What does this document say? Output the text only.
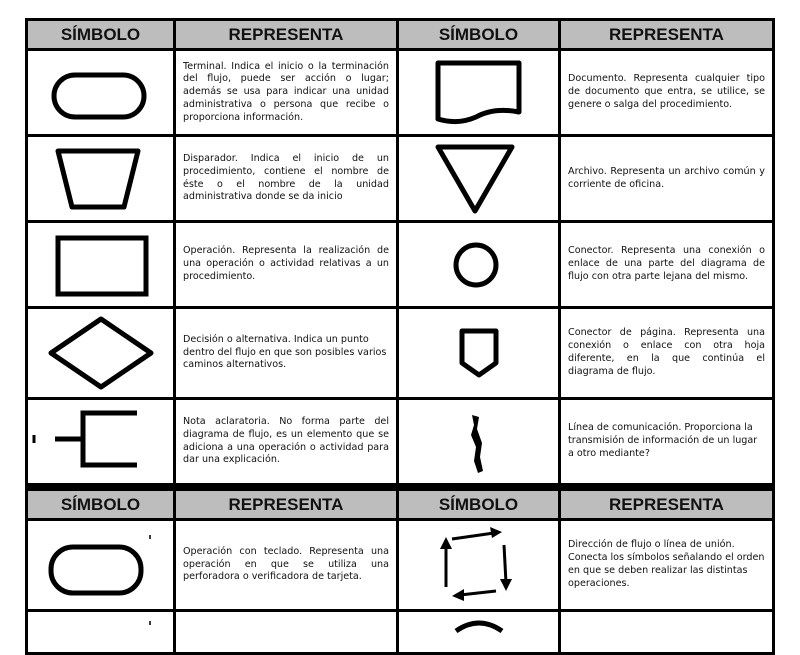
SÍMBOLO	REPRESENTA	SÍMBOLO	REPRESENTA

	Terminal. Indica el inicio o la terminación del flujo, puede ser acción o lugar; además se usa para indicar una unidad administrativa o persona que recibe o proporciona información.		Documento. Representa cualquier tipo de documento que entra, se utilice, se genere o salga del procedimiento.

	Disparador. Indica el inicio de un procedimiento, contiene el nombre de éste o el nombre de la unidad administrativa donde se da inicio		Archivo. Representa un archivo común y corriente de oficina.

	Operación. Representa la realización de una operación o actividad relativas a un procedimiento.		Conector. Representa una conexión o enlace de una parte del diagrama de flujo con otra parte lejana del mismo.

	Decisión o alternativa. Indica un punto dentro del flujo en que son posibles varios caminos alternativos.		Conector de página. Representa una conexión o enlace con otra hoja diferente, en la que continúa el diagrama de flujo.

	Nota aclaratoria. No forma parte del diagrama de flujo, es un elemento que se adiciona a una operación o actividad para dar una explicación.		Línea de comunicación. Proporciona la transmisión de información de un lugar a otro mediante?
SÍMBOLO	REPRESENTA	SÍMBOLO	REPRESENTA

	Operación con teclado. Representa una operación en que se utiliza una perforadora o verificadora de tarjeta.		Dirección de flujo o línea de unión. Conecta los símbolos señalando el orden en que se deben realizar las distintas operaciones.
